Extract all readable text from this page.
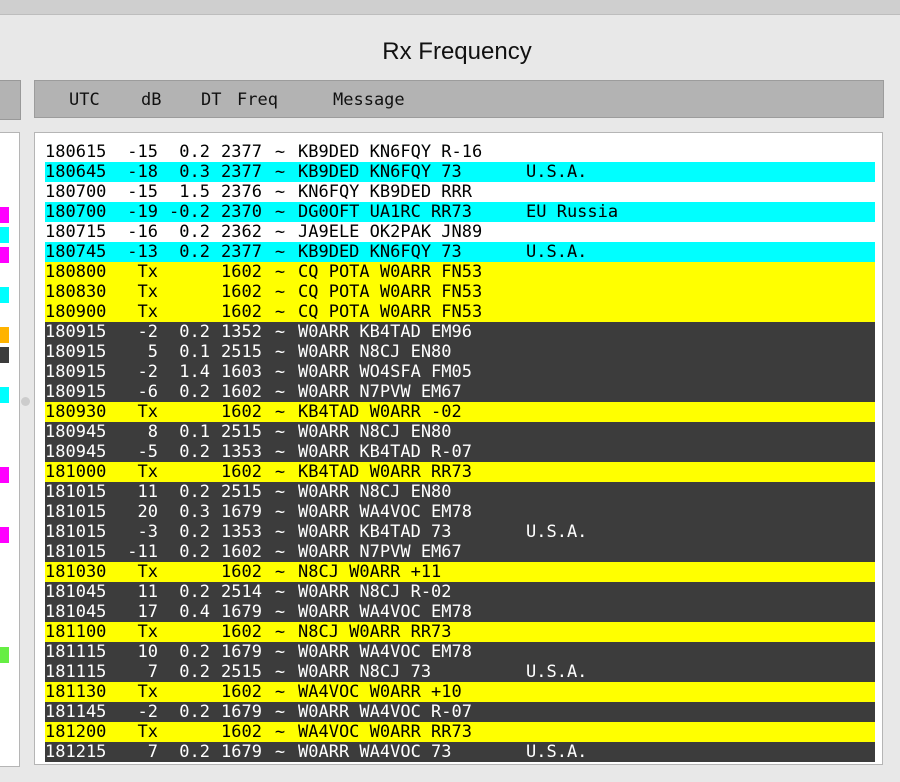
Rx Frequency
UTC dB DT Freq	Message
180615 -15 0.2 2377 ~ KB9DED KN6FQY R-16
180645 -18 0.3 2377 ~ KB9DED KN6FQY 73	U.S.A.
180700 -15 1.5 2376 ~ KN6FQY KB9DED RRR
180700 -19 -0.2 2370 ~ DG0OFT UA1RC RR73	EU Russia
180715 -16 0.2 2362 ~ JA9ELE OK2PAK JN89
180745 -13 0.2 2377 ~ KB9DED KN6FQY 73	U.S.A.
180800 Tx	1602 ~ CQ POTA W0ARR FN53
180830 Tx	1602 ~ CQ POTA W0ARR FN53
180900 Tx	1602 ~ CQ POTA W0ARR FN53
180915 -2 0.2 1352 ~ W0ARR KB4TAD EM96
180915 5 0.1 2515 ~ W0ARR N8CJ EN80
180915 -2 1.4 1603 ~ W0ARR WO4SFA FM05
180915 -6 0.2 1602 ~ W0ARR N7PVW EM67
180930 Tx	1602 ~ KB4TAD W0ARR -02
180945 8 0.1 2515 ~ W0ARR N8CJ EN80
180945 -5 0.2 1353 ~ W0ARR KB4TAD R-07
181000 Tx	1602 ~ KB4TAD W0ARR RR73
181015 11 0.2 2515 ~ W0ARR N8CJ EN80
181015 20 0.3 1679 ~ W0ARR WA4VOC EM78
181015 -3 0.2 1353 ~ W0ARR KB4TAD 73	U.S.A.
181015 -11 0.2 1602 ~ W0ARR N7PVW EM67
181030 Tx	1602 ~ N8CJ W0ARR +11
181045 11 0.2 2514 ~ W0ARR N8CJ R-02
181045 17 0.4 1679 ~ W0ARR WA4VOC EM78
181100 Tx	1602 ~ N8CJ W0ARR RR73
181115 10 0.2 1679 ~ W0ARR WA4VOC EM78
181115 7 0.2 2515 ~ W0ARR N8CJ 73	U.S.A.
181130 Tx	1602 ~ WA4VOC W0ARR +10
181145 -2 0.2 1679 ~ W0ARR WA4VOC R-07
181200 Tx	1602 ~ WA4VOC W0ARR RR73
181215 7 0.2 1679 ~ W0ARR WA4VOC 73	U.S.A.
